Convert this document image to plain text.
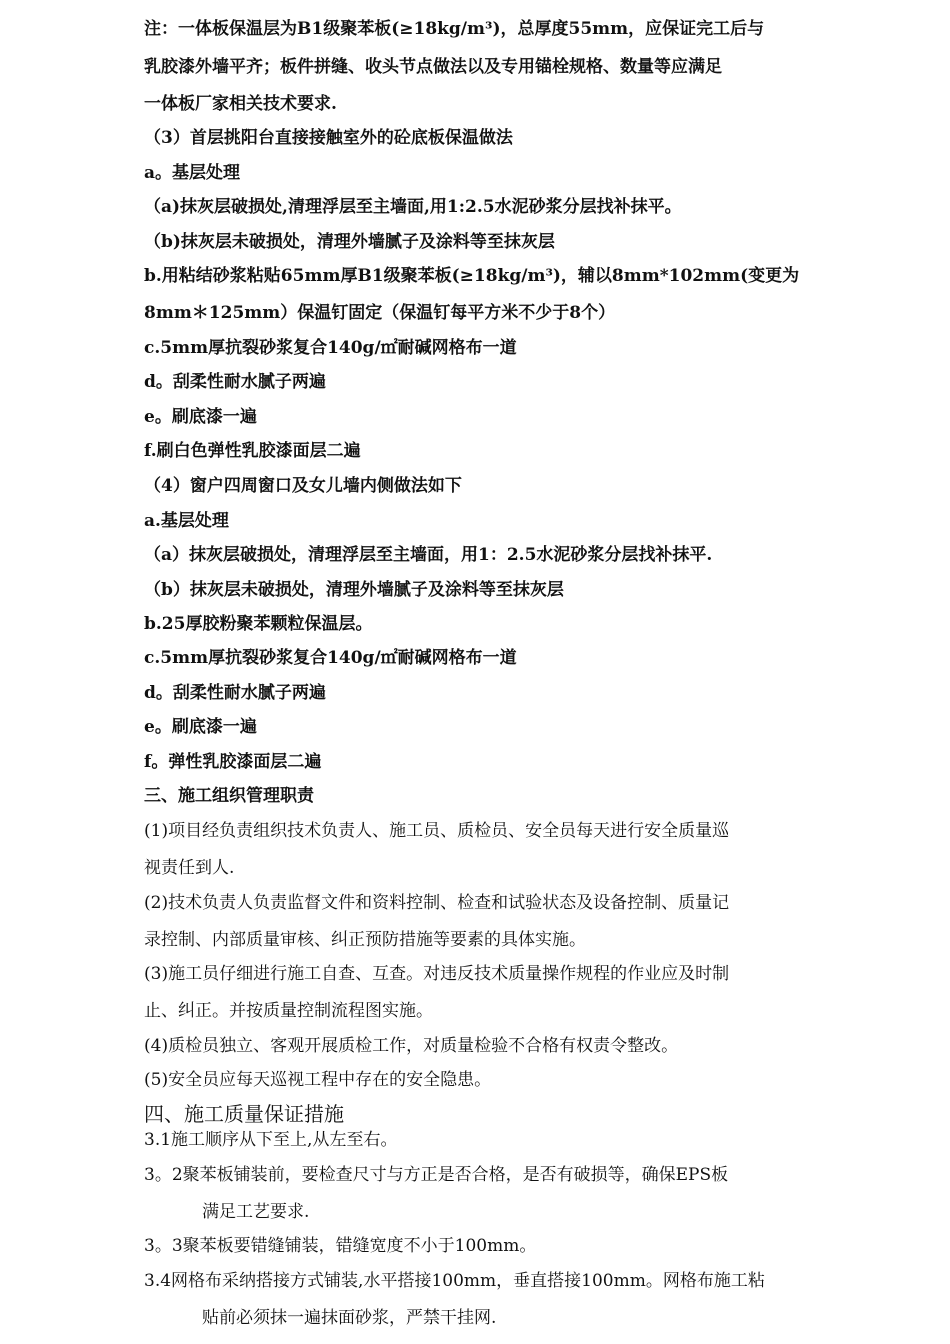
注：一体板保温层为B1级聚苯板(≥18kg/m³)，总厚度55mm，应保证完工后与
乳胶漆外墙平齐；板件拼缝、收头节点做法以及专用锚栓规格、数量等应满足
一体板厂家相关技术要求.
（3）首层挑阳台直接接触室外的砼底板保温做法
a。基层处理
（a)抹灰层破损处,清理浮层至主墙面,用1:2.5水泥砂浆分层找补抹平。
（b)抹灰层未破损处，清理外墙腻子及涂料等至抹灰层
b.用粘结砂浆粘贴65mm厚B1级聚苯板(≥18kg/m³)，辅以8mm*102mm(变更为
8mm＊125mm）保温钉固定（保温钉每平方米不少于8个）
c.5mm厚抗裂砂浆复合140g/㎡耐碱网格布一道
d。刮柔性耐水腻子两遍
e。刷底漆一遍
f.刷白色弹性乳胶漆面层二遍
（4）窗户四周窗口及女儿墙内侧做法如下
a.基层处理
（a）抹灰层破损处，清理浮层至主墙面，用1：2.5水泥砂浆分层找补抹平.
（b）抹灰层未破损处，清理外墙腻子及涂料等至抹灰层
b.25厚胶粉聚苯颗粒保温层。
c.5mm厚抗裂砂浆复合140g/㎡耐碱网格布一道
d。刮柔性耐水腻子两遍
e。刷底漆一遍
f。弹性乳胶漆面层二遍
三、施工组织管理职责
(1)项目经负责组织技术负责人、施工员、质检员、安全员每天进行安全质量巡
视责任到人.
(2)技术负责人负责监督文件和资料控制、检查和试验状态及设备控制、质量记
录控制、内部质量审核、纠正预防措施等要素的具体实施。
(3)施工员仔细进行施工自查、互查。对违反技术质量操作规程的作业应及时制
止、纠正。并按质量控制流程图实施。
(4)质检员独立、客观开展质检工作，对质量检验不合格有权责令整改。
(5)安全员应每天巡视工程中存在的安全隐患。
四、施工质量保证措施
3.1施工顺序从下至上,从左至右。
3。2聚苯板铺装前，要检查尺寸与方正是否合格，是否有破损等，确保EPS板
满足工艺要求.
3。3聚苯板要错缝铺装，错缝宽度不小于100mm。
3.4网格布采纳搭接方式铺装,水平搭接100mm，垂直搭接100mm。网格布施工粘
贴前必须抹一遍抹面砂浆，严禁干挂网.
